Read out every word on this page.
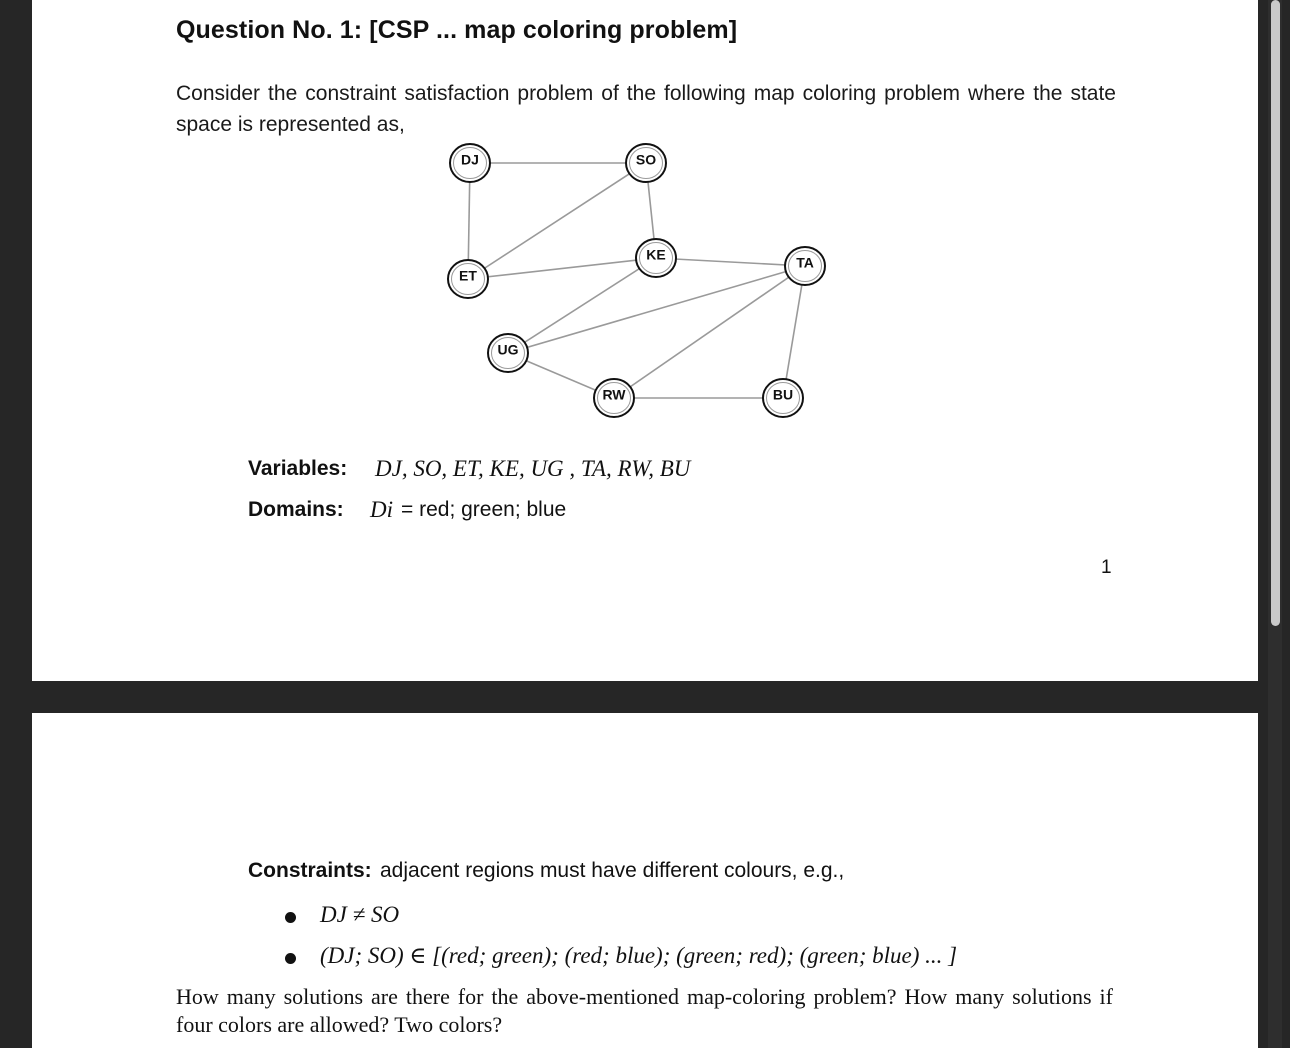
Question No. 1: [CSP ... map coloring problem]

Consider the constraint satisfaction problem of the following map coloring problem where the state space is represented as,

DJ	SO
KE	TA
ET
UG
RW	BU
Variables: DJ, SO, ET, KE, UG , TA, RW, BU
Domains: Di = red; green; blue
1
Constraints: adjacent regions must have different colours, e.g.,
DJ ≠ SO
(DJ; SO) ∈ [(red; green); (red; blue); (green; red); (green; blue) ... ]

How many solutions are there for the above-mentioned map-coloring problem? How many solutions if four colors are allowed? Two colors?
